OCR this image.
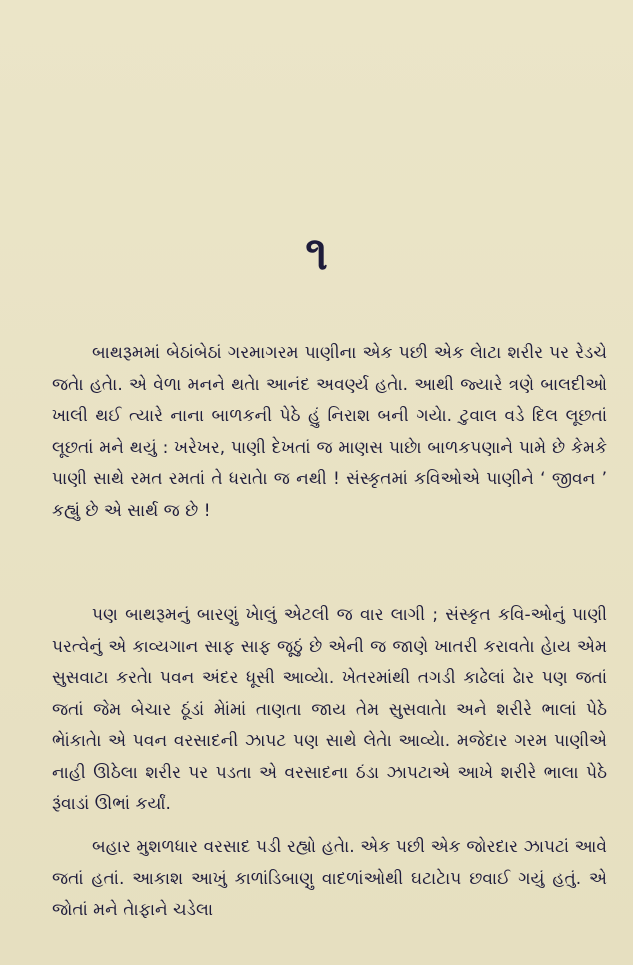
૧

બાથરૂમમાં બેઠાંબેઠાં ગરમાગરમ પાણીના એક પછી એક લેાટા શરીર પર રેડચે જતેા હતેા. એ વેળા મનને થતેા આનંદ અવર્ણ્ય હતેા. આથી જ્યારે ત્રણે બાલદીઓ ખાલી થઈ ત્યારે નાના બાળકની પેઠે હું નિરાશ બની ગયેા. ટુવાલ વડે દિલ લૂછતાં લૂછતાં મને થયું : ખરેખર, પાણી દેખતાં જ માણસ પાછેા બાળકપણાને પામે છે કેમકે પાણી સાથે રમત રમતાં તે ધરાતેા જ નથી ! સંસ્કૃતમાં કવિઓએ પાણીને ‘ જીવન ’ કહ્યું છે એ સાર્થ જ છે !

પણ બાથરૂમનું બારણું ખેાલું એટલી જ વાર લાગી ; સંસ્કૃત કવિ-ઓનું પાણી પરત્વેનું એ કાવ્યગાન સાફ સાફ જૂઠું છે એની જ જાણે ખાતરી કરાવતેા હેાય એમ સુસવાટા કરતેા પવન અંદર ધૂસી આવ્યેા. ખેતરમાંથી તગડી કાઢેલાં ઢેાર પણ જતાં જતાં જેમ બેચાર ઠૂંડાં મેાંમાં તાણતા જાય તેમ સુસવાતેા અને શરીરે ભાલાં પેઠે ભેાંકાતેા એ પવન વરસાદની ઝાપટ પણ સાથે લેતેા આવ્યેા. મજેદાર ગરમ પાણીએ નાહી ઊઠેલા શરીર પર પડતા એ વરસાદના ઠંડા ઝાપટાએ આખે શરીરે ભાલા પેઠે રૂંવાડાં ઊભાં કર્યાં.

બહાર મુશળધાર વરસાદ પડી રહ્યો હતેા. એક પછી એક જોરદાર ઝાપટાં આવે જતાં હતાં. આકાશ આખું કાળાંડિબાણુ વાદળાંઓથી ઘટાટેાપ છવાઈ ગયું હતું. એ જોતાં મને તેાફાને ચડેલા
